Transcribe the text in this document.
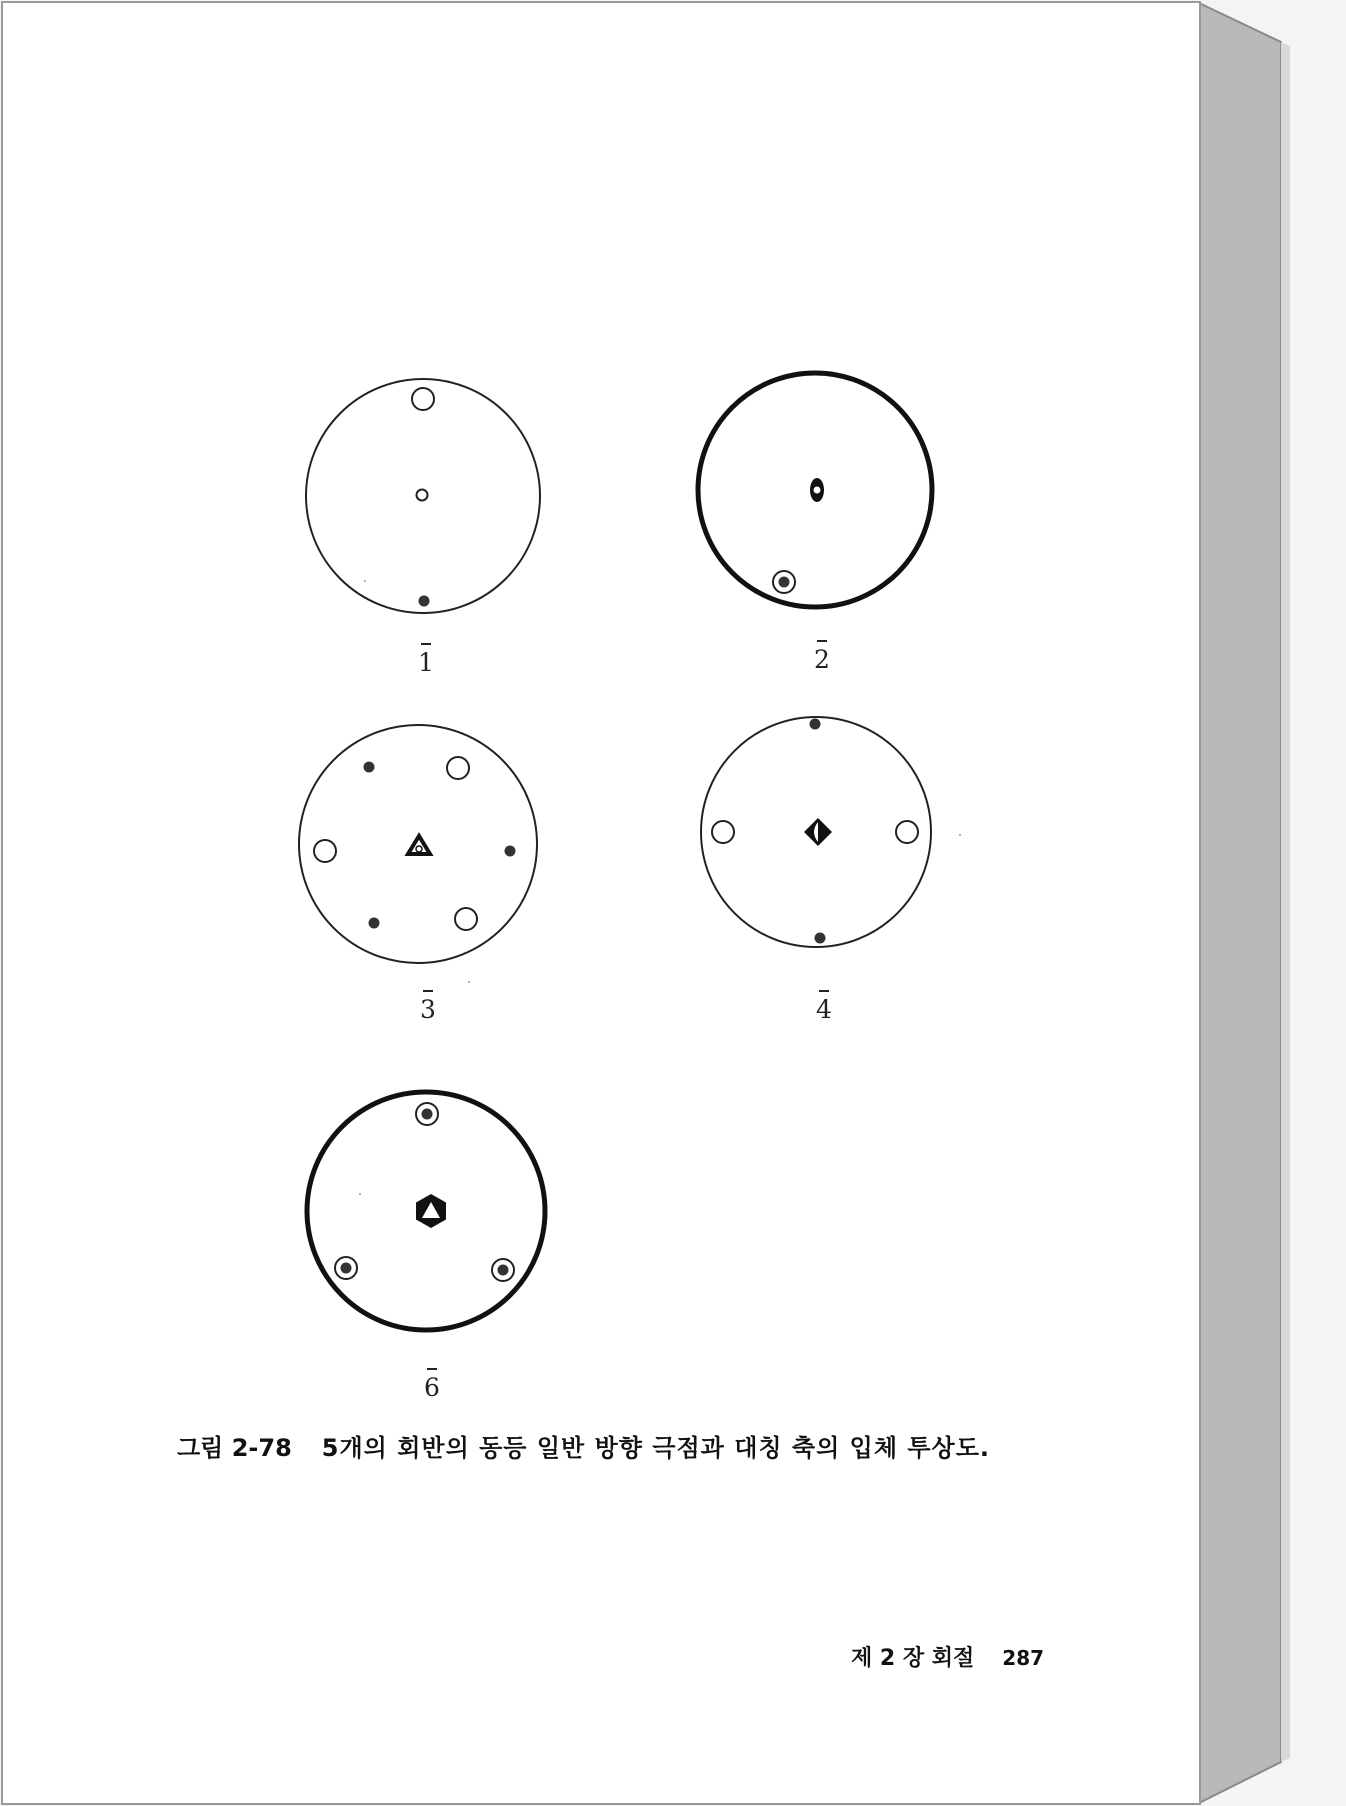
1	2
3	4
6
그림 2-78 5개의 회반의 동등 일반 방향 극점과 대칭 축의 입체 투상도.
제 2 장 회절 287
